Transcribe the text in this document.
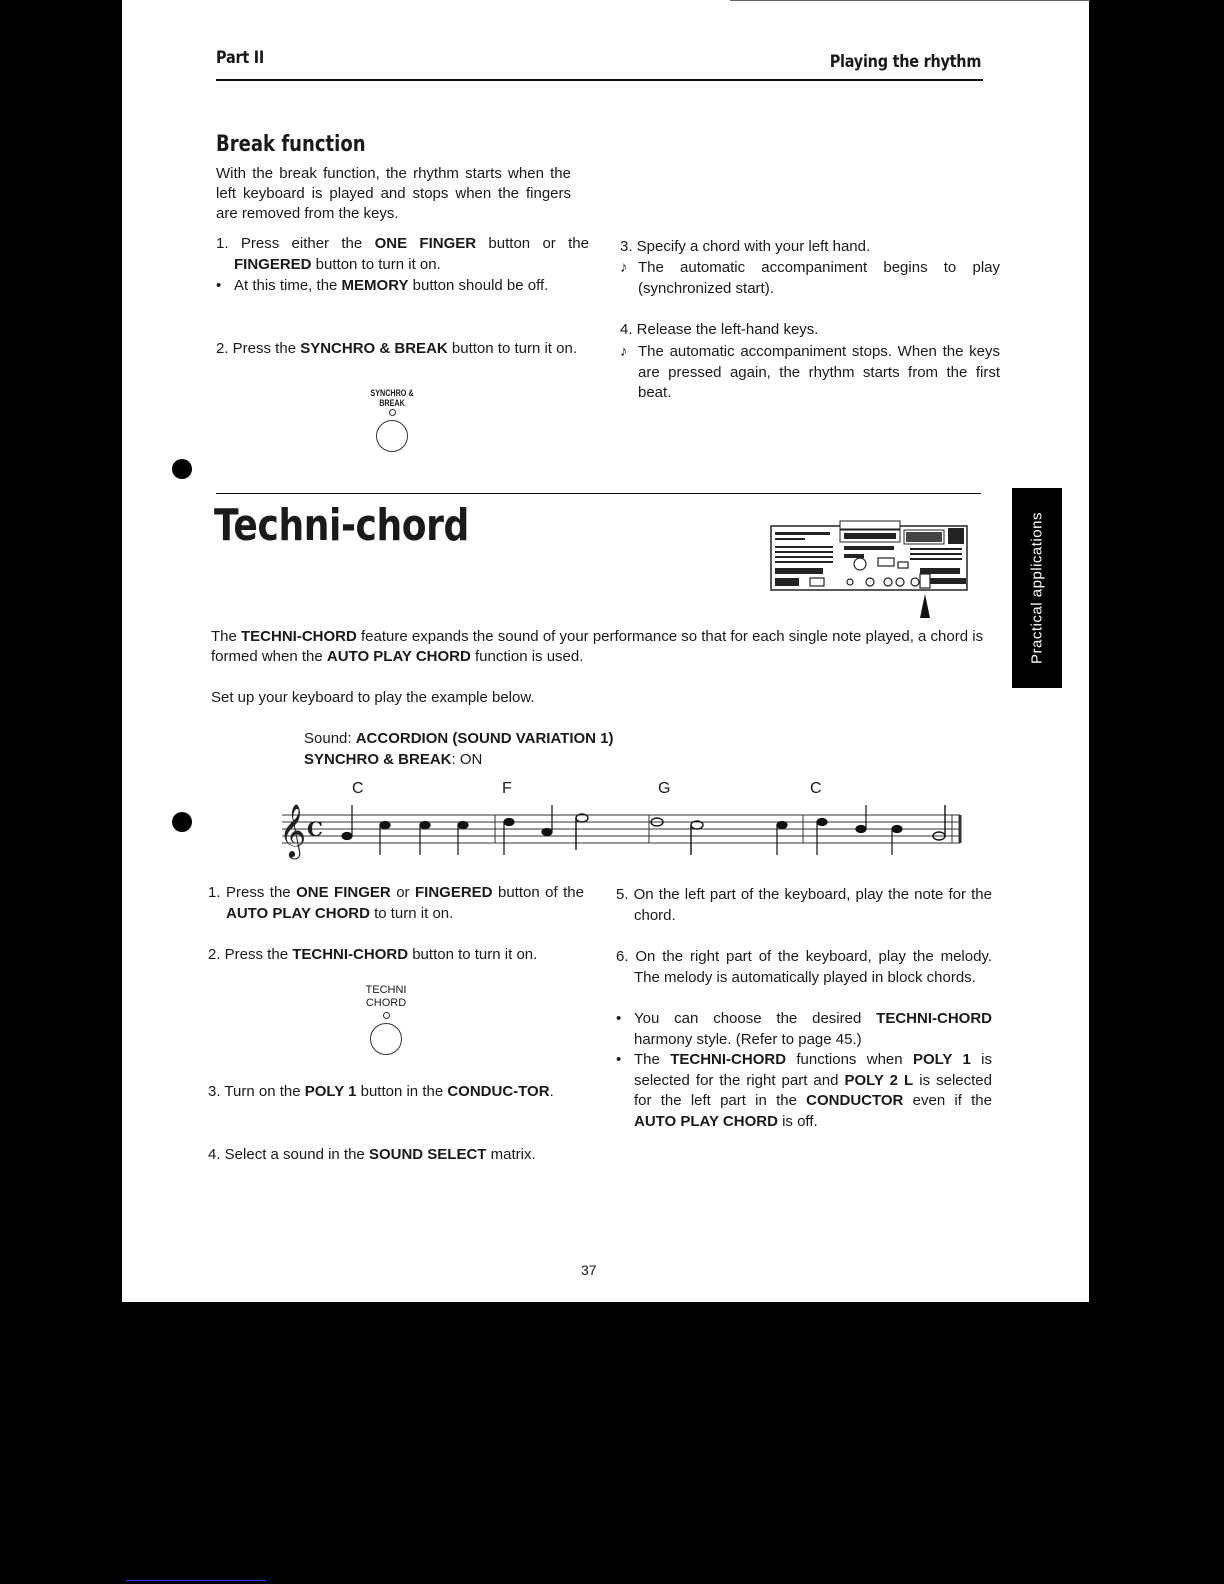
Part II	Playing the rhythm
Break function
With the break function, the rhythm starts when the left keyboard is played and stops when the fingers are removed from the keys.
1. Press either the ONE FINGER button or the FINGERED button to turn it on.
• At this time, the MEMORY button should be off.
2. Press the SYNCHRO & BREAK button to turn it on.
SYNCHRO &
BREAK
3. Specify a chord with your left hand.
♪ The automatic accompaniment begins to play (synchronized start).
4. Release the left-hand keys.
♪ The automatic accompaniment stops. When the keys are pressed again, the rhythm starts from the first beat.
Techni-chord
The TECHNI-CHORD feature expands the sound of your performance so that for each single note played, a chord is formed when the AUTO PLAY CHORD function is used.
Set up your keyboard to play the example below.
Sound: ACCORDION (SOUND VARIATION 1)
SYNCHRO & BREAK: ON
C	F	G	C
𝄞 C
1. Press the ONE FINGER or FINGERED button of the AUTO PLAY CHORD to turn it on.
2. Press the TECHNI-CHORD button to turn it on.
TECHNI
CHORD
3. Turn on the POLY 1 button in the CONDUC-TOR.
4. Select a sound in the SOUND SELECT matrix.
5. On the left part of the keyboard, play the note for the chord.
6. On the right part of the keyboard, play the melody. The melody is automatically played in block chords.
• You can choose the desired TECHNI-CHORD harmony style. (Refer to page 45.)
• The TECHNI-CHORD functions when POLY 1 is selected for the right part and POLY 2 L is selected for the left part in the CONDUCTOR even if the AUTO PLAY CHORD is off.
37
Practical applications
